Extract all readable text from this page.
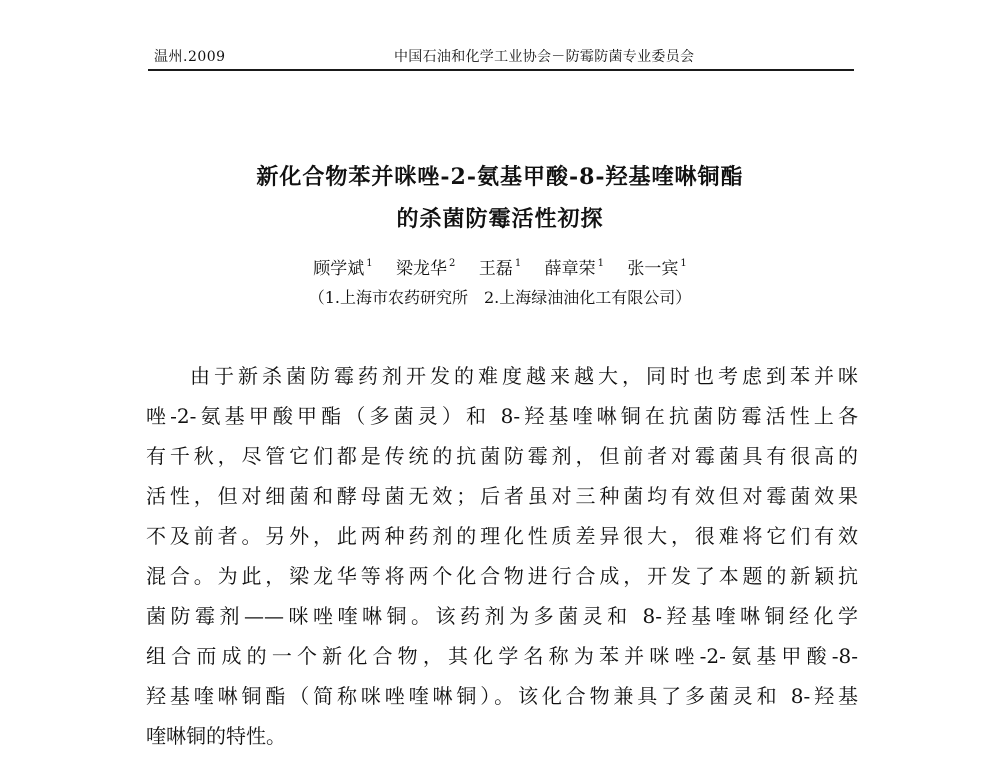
温州.2009	中国石油和化学工业协会－防霉防菌专业委员会
新化合物苯并咪唑-2-氨基甲酸-8-羟基喹啉铜酯
的杀菌防霉活性初探
顾学斌 $^1$ 梁龙华 $^2$ 王磊 $^1$ 薛章荣 $^1$ 张一宾 $^1$
（1.上海市农药研究所　2.上海绿油油化工有限公司）
由于新杀菌防霉药剂开发的难度越来越大，同时也考虑到苯并咪
唑-2-氨基甲酸甲酯（多菌灵）和 8-羟基喹啉铜在抗菌防霉活性上各
有千秋，尽管它们都是传统的抗菌防霉剂，但前者对霉菌具有很高的
活性，但对细菌和酵母菌无效；后者虽对三种菌均有效但对霉菌效果
不及前者。另外，此两种药剂的理化性质差异很大，很难将它们有效
混合。为此，梁龙华等将两个化合物进行合成，开发了本题的新颖抗
菌防霉剂——咪唑喹啉铜。该药剂为多菌灵和 8-羟基喹啉铜经化学
组合而成的一个新化合物，其化学名称为苯并咪唑-2-氨基甲酸-8-
羟基喹啉铜酯（简称咪唑喹啉铜）。该化合物兼具了多菌灵和 8-羟基
喹啉铜的特性。
